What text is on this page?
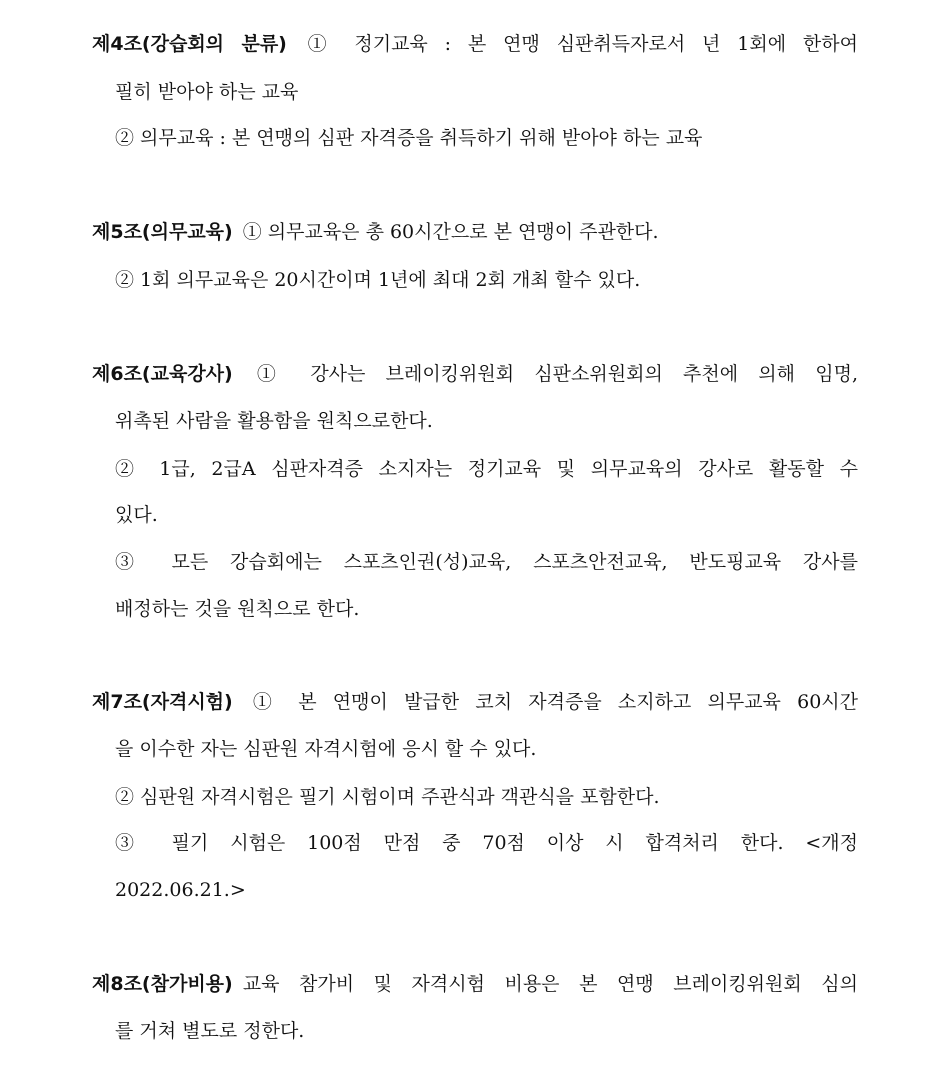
제4조(강습회의 분류) ① 정기교육 : 본 연맹 심판취득자로서 년 1회에 한하여
필히 받아야 하는 교육
② 의무교육 : 본 연맹의 심판 자격증을 취득하기 위해 받아야 하는 교육
제5조(의무교육) ① 의무교육은 총 60시간으로 본 연맹이 주관한다.
② 1회 의무교육은 20시간이며 1년에 최대 2회 개최 할수 있다.
제6조(교육강사) ① 강사는 브레이킹위원회 심판소위원회의 추천에 의해 임명,
위촉된 사람을 활용함을 원칙으로한다.
② 1급, 2급A 심판자격증 소지자는 정기교육 및 의무교육의 강사로 활동할 수
있다.
③ 모든 강습회에는 스포츠인권(성)교육, 스포츠안전교육, 반도핑교육 강사를
배정하는 것을 원칙으로 한다.
제7조(자격시험) ① 본 연맹이 발급한 코치 자격증을 소지하고 의무교육 60시간
을 이수한 자는 심판원 자격시험에 응시 할 수 있다.
② 심판원 자격시험은 필기 시험이며 주관식과 객관식을 포함한다.
③ 필기 시험은 100점 만점 중 70점 이상 시 합격처리 한다. <개정
2022.06.21.>
제8조(참가비용) 교육 참가비 및 자격시험 비용은 본 연맹 브레이킹위원회 심의
를 거쳐 별도로 정한다.
